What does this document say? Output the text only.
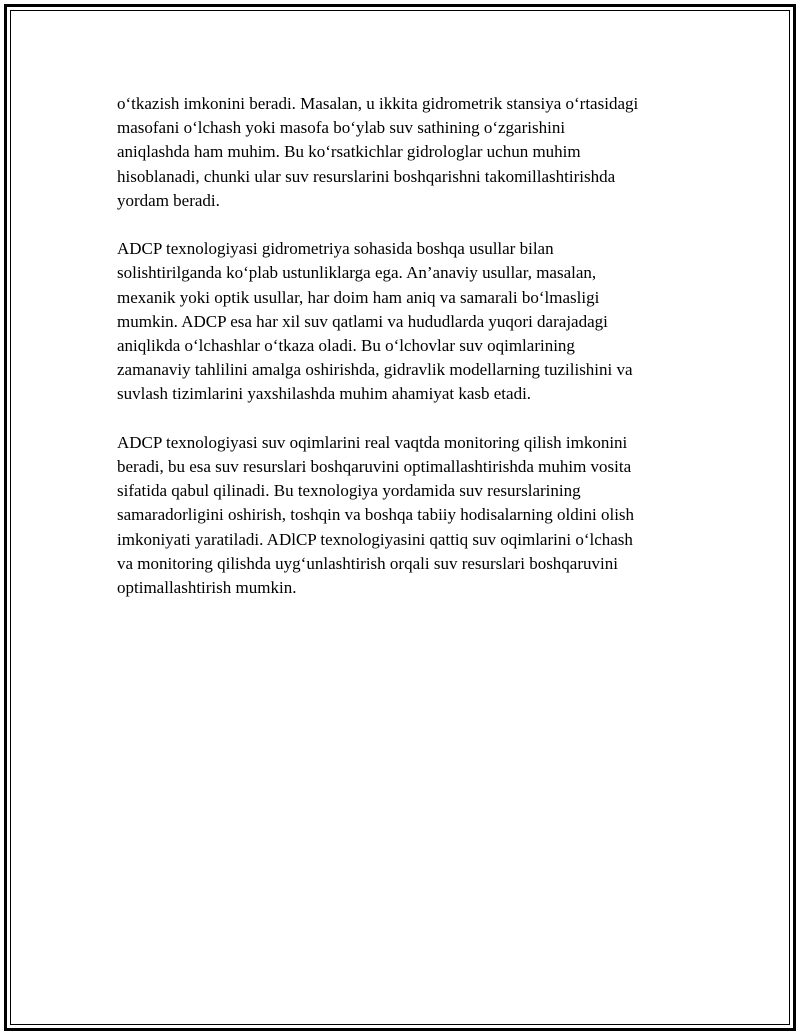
o‘tkazish imkonini beradi. Masalan, u ikkita gidrometrik stansiya o‘rtasidagi
masofani o‘lchash yoki masofa bo‘ylab suv sathining o‘zgarishini
aniqlashda ham muhim. Bu ko‘rsatkichlar gidrologlar uchun muhim
hisoblanadi, chunki ular suv resurslarini boshqarishni takomillashtirishda
yordam beradi.

ADCP texnologiyasi gidrometriya sohasida boshqa usullar bilan
solishtirilganda ko‘plab ustunliklarga ega. An’anaviy usullar, masalan,
mexanik yoki optik usullar, har doim ham aniq va samarali bo‘lmasligi
mumkin. ADCP esa har xil suv qatlami va hududlarda yuqori darajadagi
aniqlikda o‘lchashlar o‘tkaza oladi. Bu o‘lchovlar suv oqimlarining
zamanaviy tahlilini amalga oshirishda, gidravlik modellarning tuzilishini va
suvlash tizimlarini yaxshilashda muhim ahamiyat kasb etadi.

ADCP texnologiyasi suv oqimlarini real vaqtda monitoring qilish imkonini
beradi, bu esa suv resurslari boshqaruvini optimallashtirishda muhim vosita
sifatida qabul qilinadi. Bu texnologiya yordamida suv resurslarining
samaradorligini oshirish, toshqin va boshqa tabiiy hodisalarning oldini olish
imkoniyati yaratiladi. ADlCP texnologiyasini qattiq suv oqimlarini o‘lchash
va monitoring qilishda uyg‘unlashtirish orqali suv resurslari boshqaruvini
optimallashtirish mumkin.
